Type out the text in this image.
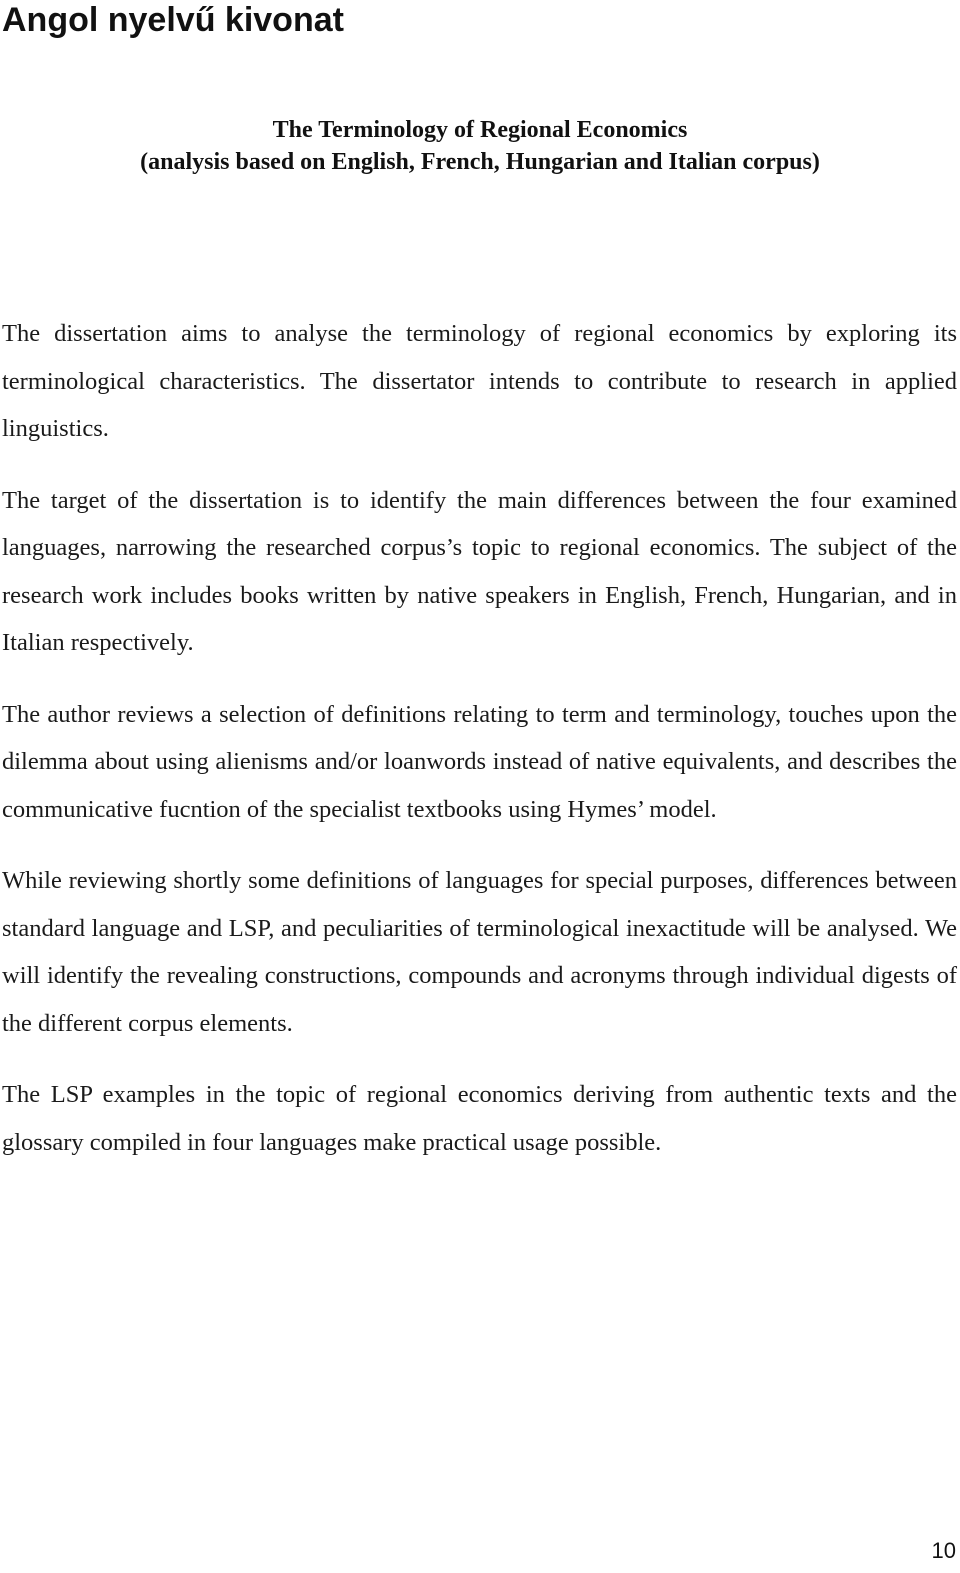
Angol nyelvű kivonat
The Terminology of Regional Economics
(analysis based on English, French, Hungarian and Italian corpus)

The dissertation aims to analyse the terminology of regional economics by exploring its terminological characteristics. The dissertator intends to contribute to research in applied linguistics.

The target of the dissertation is to identify the main differences between the four examined languages, narrowing the researched corpus’s topic to regional economics. The subject of the research work includes books written by native speakers in English, French, Hungarian, and in Italian respectively.

The author reviews a selection of definitions relating to term and terminology, touches upon the dilemma about using alienisms and/or loanwords instead of native equivalents, and describes the communicative fucntion of the specialist textbooks using Hymes’ model.

While reviewing shortly some definitions of languages for special purposes, differences between standard language and LSP, and peculiarities of terminological inexactitude will be analysed. We will identify the revealing constructions, compounds and acronyms through individual digests of the different corpus elements.

The LSP examples in the topic of regional economics deriving from authentic texts and the glossary compiled in four languages make practical usage possible.

10
